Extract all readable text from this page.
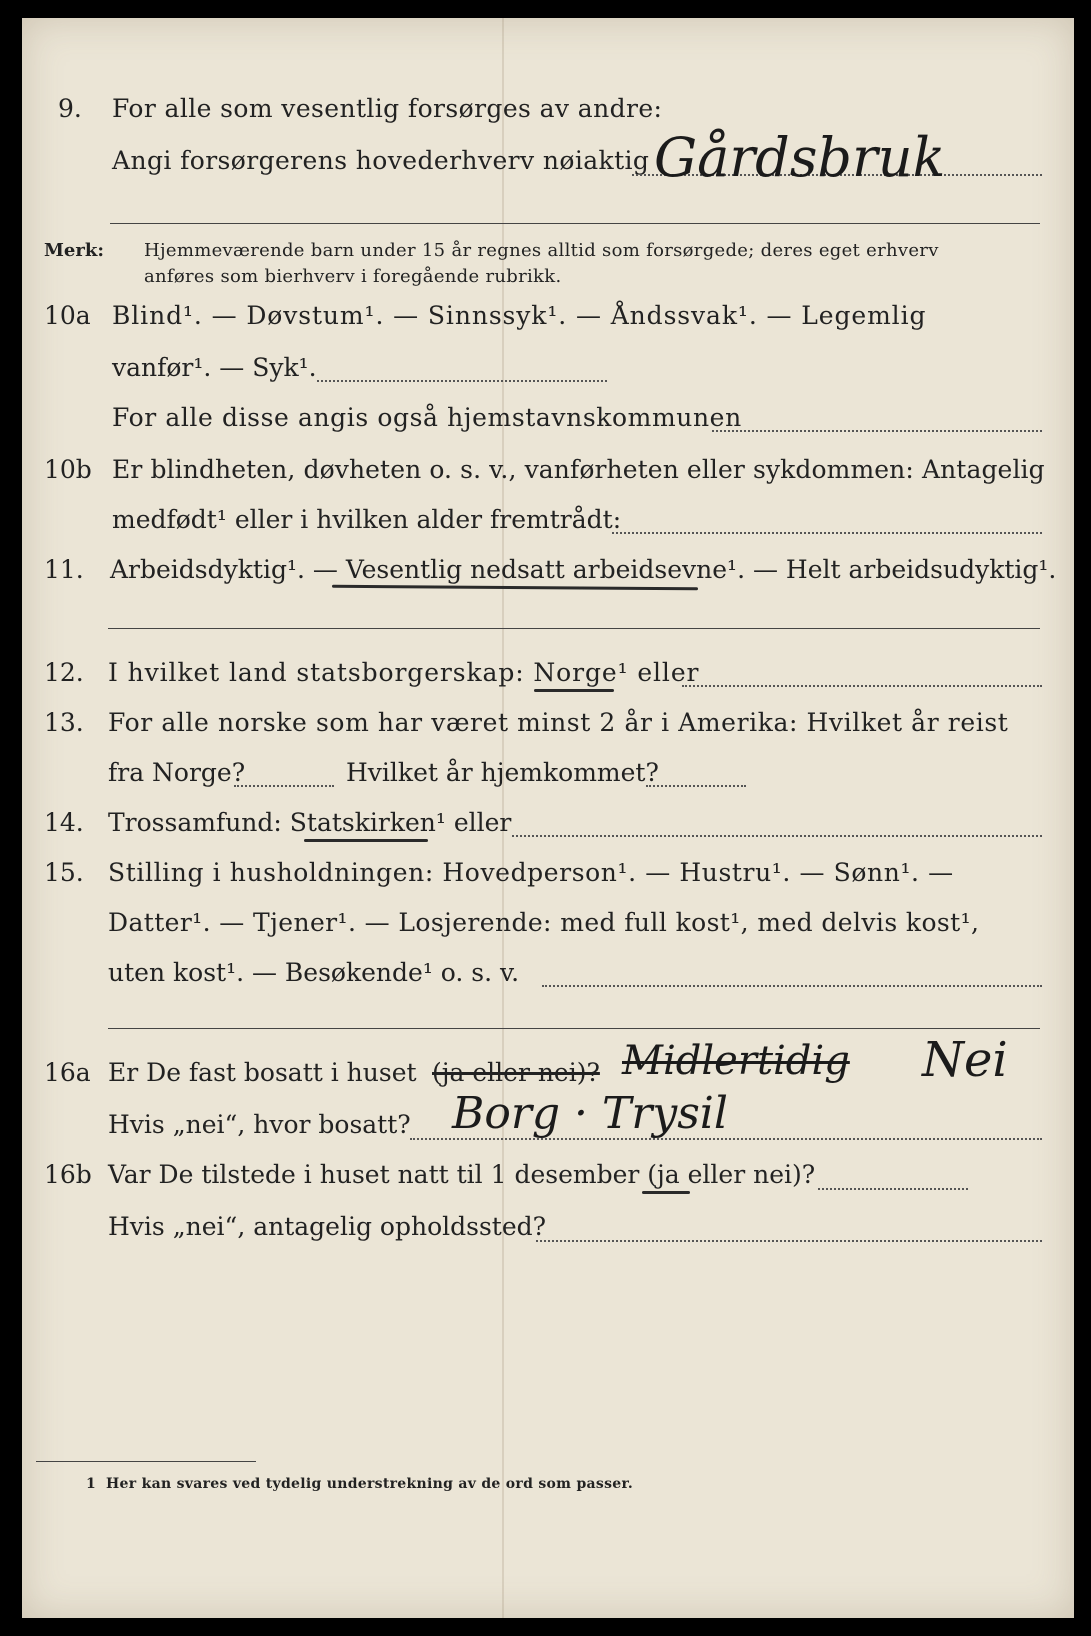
9. For alle som vesentlig forsørges av andre:
Angi forsørgerens hovederhverv nøiaktig Gårdsbruk
Merk: Hjemmeværende barn under 15 år regnes alltid som forsørgede; deres eget erhverv
anføres som bierhverv i foregående rubrikk.
10a Blind¹. — Døvstum¹. — Sinnssyk¹. — Åndssvak¹. — Legemlig
vanfør¹. — Syk¹.
For alle disse angis også hjemstavnskommunen
10b Er blindheten, døvheten o. s. v., vanførheten eller sykdommen: Antagelig
medfødt¹ eller i hvilken alder fremtrådt:
11. Arbeidsdyktig¹. — Vesentlig nedsatt arbeidsevne¹. — Helt arbeidsudyktig¹.
12. I hvilket land statsborgerskap: Norge¹ eller
13. For alle norske som har været minst 2 år i Amerika: Hvilket år reist
fra Norge?	Hvilket år hjemkommet?
14. Trossamfund: Statskirken¹ eller
15. Stilling i husholdningen: Hovedperson¹. — Hustru¹. — Sønn¹. —
Datter¹. — Tjener¹. — Losjerende: med full kost¹, med delvis kost¹,
uten kost¹. — Besøkende¹ o. s. v.
16a Er De fast bosatt i huset (ja eller nei)? Midlertidig Nei
Hvis „nei“, hvor bosatt? Borg · Trysil
16b Var De tilstede i huset natt til 1 desember (ja eller nei)?
Hvis „nei“, antagelig opholdssted?
1 Her kan svares ved tydelig understrekning av de ord som passer.
